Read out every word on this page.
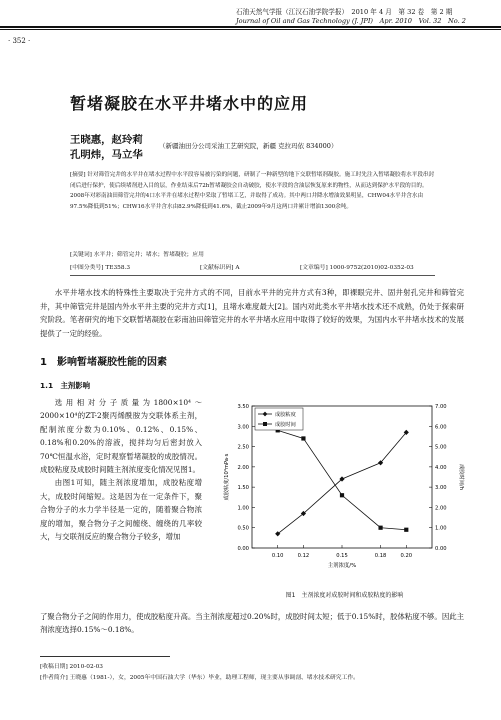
石油天然气学报（江汉石油学院学报）　2010 年 4 月　第 32 卷　第 2 期
Journal of Oil and Gas Technology (J. JPI)　Apr. 2010　Vol. 32　No. 2
· 352 ·
暂堵凝胶在水平井堵水中的应用
王晓惠，赵玲莉
孔明炜，马立华
（新疆油田分公司采油工艺研究院，新疆 克拉玛依 834000）
[摘要] 针对筛管完井的水平井在堵水过程中水平段容易被污染的问题，研制了一种新型的地下交联暂堵剂凝胶。施工时先注入暂堵凝胶将水平段串封闭后进行保护，使后续堵剂进入目的层，作业结束后72h暂堵凝胶会自动破胶，使水平段的含油层恢复原来的物性，从而达到保护水平段的目的。2008年对彩南油田筛管完井的4口水平井在堵水过程中采取了暂堵工艺，并取得了成功。其中两口井降水增油效果明显，CHW04水平井含水由97.5%降低到51%；CHW16水平井含水由82.9%降低到41.6%，截止2009年9月这两口井累计增油1300余吨。
[关键词] 水平井；筛管完井；堵水；暂堵凝胶；应用
[中图分类号] TE358.3	[文献标识码] A	[文章编号] 1000-9752(2010)02-0352-03
水平井堵水技术的特殊性主要取决于完井方式的不同，目前水平井的完井方式有3种，即裸眼完井、固井射孔完井和筛管完井，其中筛管完井是国内外水平井主要的完井方式[1]，且堵水难度最大[2]。国内对此类水平井堵水技术还不成熟，仍处于探索研究阶段。笔者研究的地下交联暂堵凝胶在彩南油田筛管完井的水平井堵水应用中取得了较好的效果，为国内水平井堵水技术的发展提供了一定的经验。
1　影响暂堵凝胶性能的因素
1.1　主剂影响

选用相对分子质量为1800×10⁴～2000×10⁴的ZT-2聚丙烯酰胺为交联体系主剂，配制浓度分数为0.10%、0.12%、0.15%、0.18%和0.20%的溶液，搅拌均匀后密封放入70℃恒温水浴，定时观察暂堵凝胶的成胶情况。成胶粘度及成胶时间随主剂浓度变化情况见图1。

由图1可知，随主剂浓度增加，成胶粘度增大，成胶时间缩短。这是因为在一定条件下，聚合物分子的水力学半径是一定的，随着聚合物浓度的增加，聚合物分子之间缠绕、缠绕的几率较大，与交联剂反应的聚合物分子较多，增加

了聚合物分子之间的作用力，使成胶粘度升高。当主剂浓度超过0.20%时，成胶时间太短；低于0.15%时，胶体粘度不够。因此主剂浓度选择0.15%～0.18%。
0.00
0.50
1.00
1.50
2.00
2.50
3.00
3.50
0.00
1.00
2.00
3.00
4.00
5.00
6.00
7.00
0.10	0.12	0.15	0.18	0.20
主剂浓度/%
成胶粘度/10⁴mPa·s	成胶时间/h
成胶粘度
成胶时间
图1　主剂浓度对成胶时间和成胶粘度的影响
[收稿日期] 2010-02-03
[作者简介] 王晓惠（1981-），女，2005年中国石油大学（华东）毕业，助理工程师，现主要从事调剖、堵水技术研究工作。
